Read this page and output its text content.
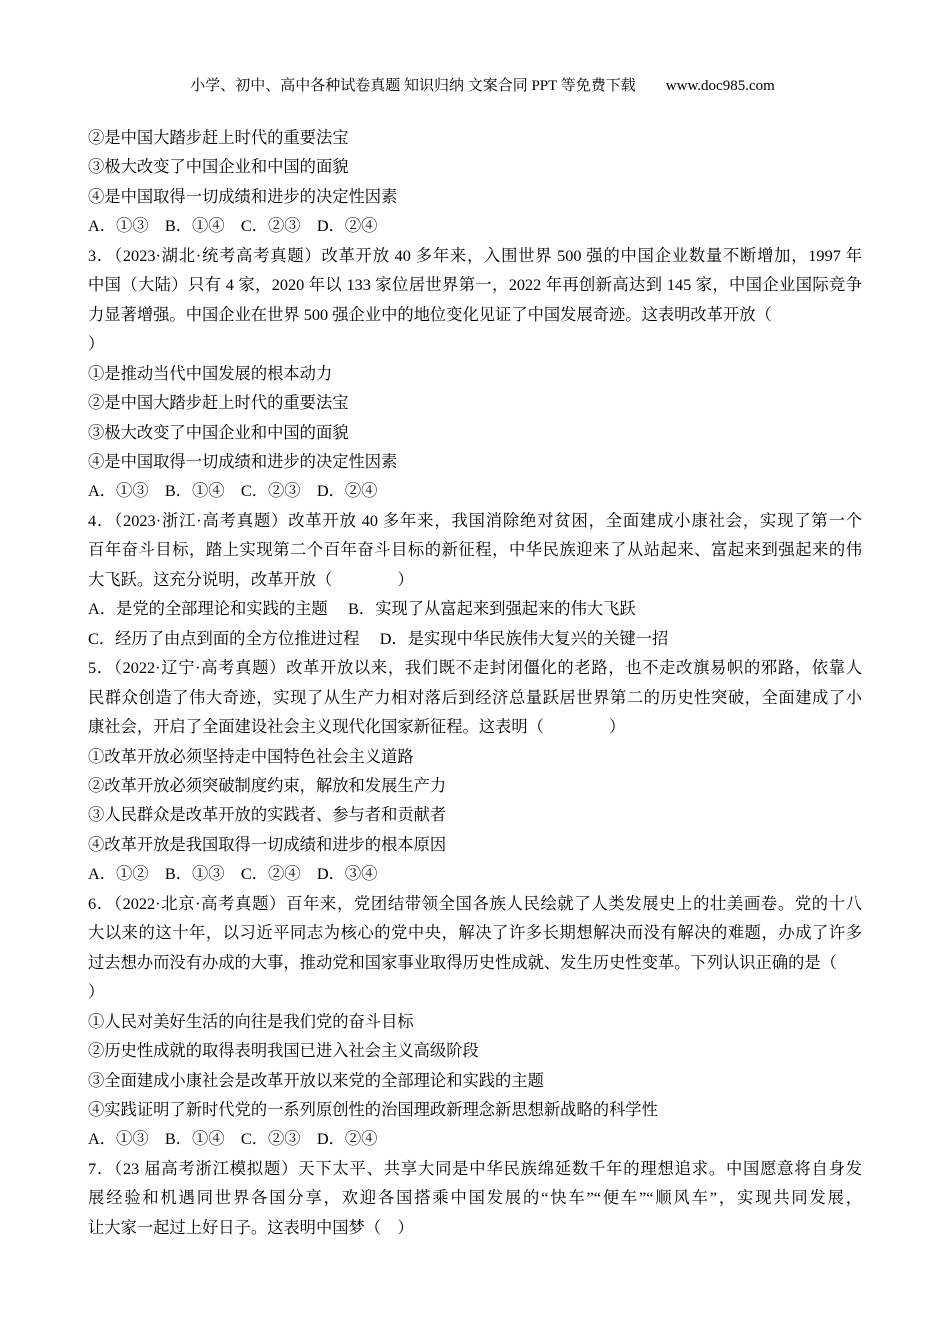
小学、初中、高中各种试卷真题 知识归纳 文案合同 PPT 等免费下载 www.doc985.com

②是中国大踏步赶上时代的重要法宝
③极大改变了中国企业和中国的面貌
④是中国取得一切成绩和进步的决定性因素
A．①③　B．①④　C．②③　D．②④
3．（2023·湖北·统考高考真题）改革开放 40 多年来，入围世界 500 强的中国企业数量不断增加，1997 年
中国（大陆）只有 4 家，2020 年以 133 家位居世界第一，2022 年再创新高达到 145 家，中国企业国际竞争
力显著增强。中国企业在世界 500 强企业中的地位变化见证了中国发展奇迹。这表明改革开放（
）
①是推动当代中国发展的根本动力
②是中国大踏步赶上时代的重要法宝
③极大改变了中国企业和中国的面貌
④是中国取得一切成绩和进步的决定性因素
A．①③　B．①④　C．②③　D．②④
4．（2023·浙江·高考真题）改革开放 40 多年来，我国消除绝对贫困，全面建成小康社会，实现了第一个
百年奋斗目标，踏上实现第二个百年奋斗目标的新征程，中华民族迎来了从站起来、富起来到强起来的伟
大飞跃。这充分说明，改革开放（　　　　）
A．是党的全部理论和实践的主题　 B．实现了从富起来到强起来的伟大飞跃
C．经历了由点到面的全方位推进过程　 D．是实现中华民族伟大复兴的关键一招
5．（2022·辽宁·高考真题）改革开放以来，我们既不走封闭僵化的老路，也不走改旗易帜的邪路，依靠人
民群众创造了伟大奇迹，实现了从生产力相对落后到经济总量跃居世界第二的历史性突破，全面建成了小
康社会，开启了全面建设社会主义现代化国家新征程。这表明（　　　　）
①改革开放必须坚持走中国特色社会主义道路
②改革开放必须突破制度约束，解放和发展生产力
③人民群众是改革开放的实践者、参与者和贡献者
④改革开放是我国取得一切成绩和进步的根本原因
A．①②　B．①③　C．②④　D．③④
6．（2022·北京·高考真题）百年来，党团结带领全国各族人民绘就了人类发展史上的壮美画卷。党的十八
大以来的这十年，以习近平同志为核心的党中央，解决了许多长期想解决而没有解决的难题，办成了许多
过去想办而没有办成的大事，推动党和国家事业取得历史性成就、发生历史性变革。下列认识正确的是（
）
①人民对美好生活的向往是我们党的奋斗目标
②历史性成就的取得表明我国已进入社会主义高级阶段
③全面建成小康社会是改革开放以来党的全部理论和实践的主题
④实践证明了新时代党的一系列原创性的治国理政新理念新思想新战略的科学性
A．①③　B．①④　C．②③　D．②④
7．（23 届高考浙江模拟题）天下太平、共享大同是中华民族绵延数千年的理想追求。中国愿意将自身发
展经验和机遇同世界各国分享，欢迎各国搭乘中国发展的“快车”“便车”“顺风车”，实现共同发展，
让大家一起过上好日子。这表明中国梦（　）
